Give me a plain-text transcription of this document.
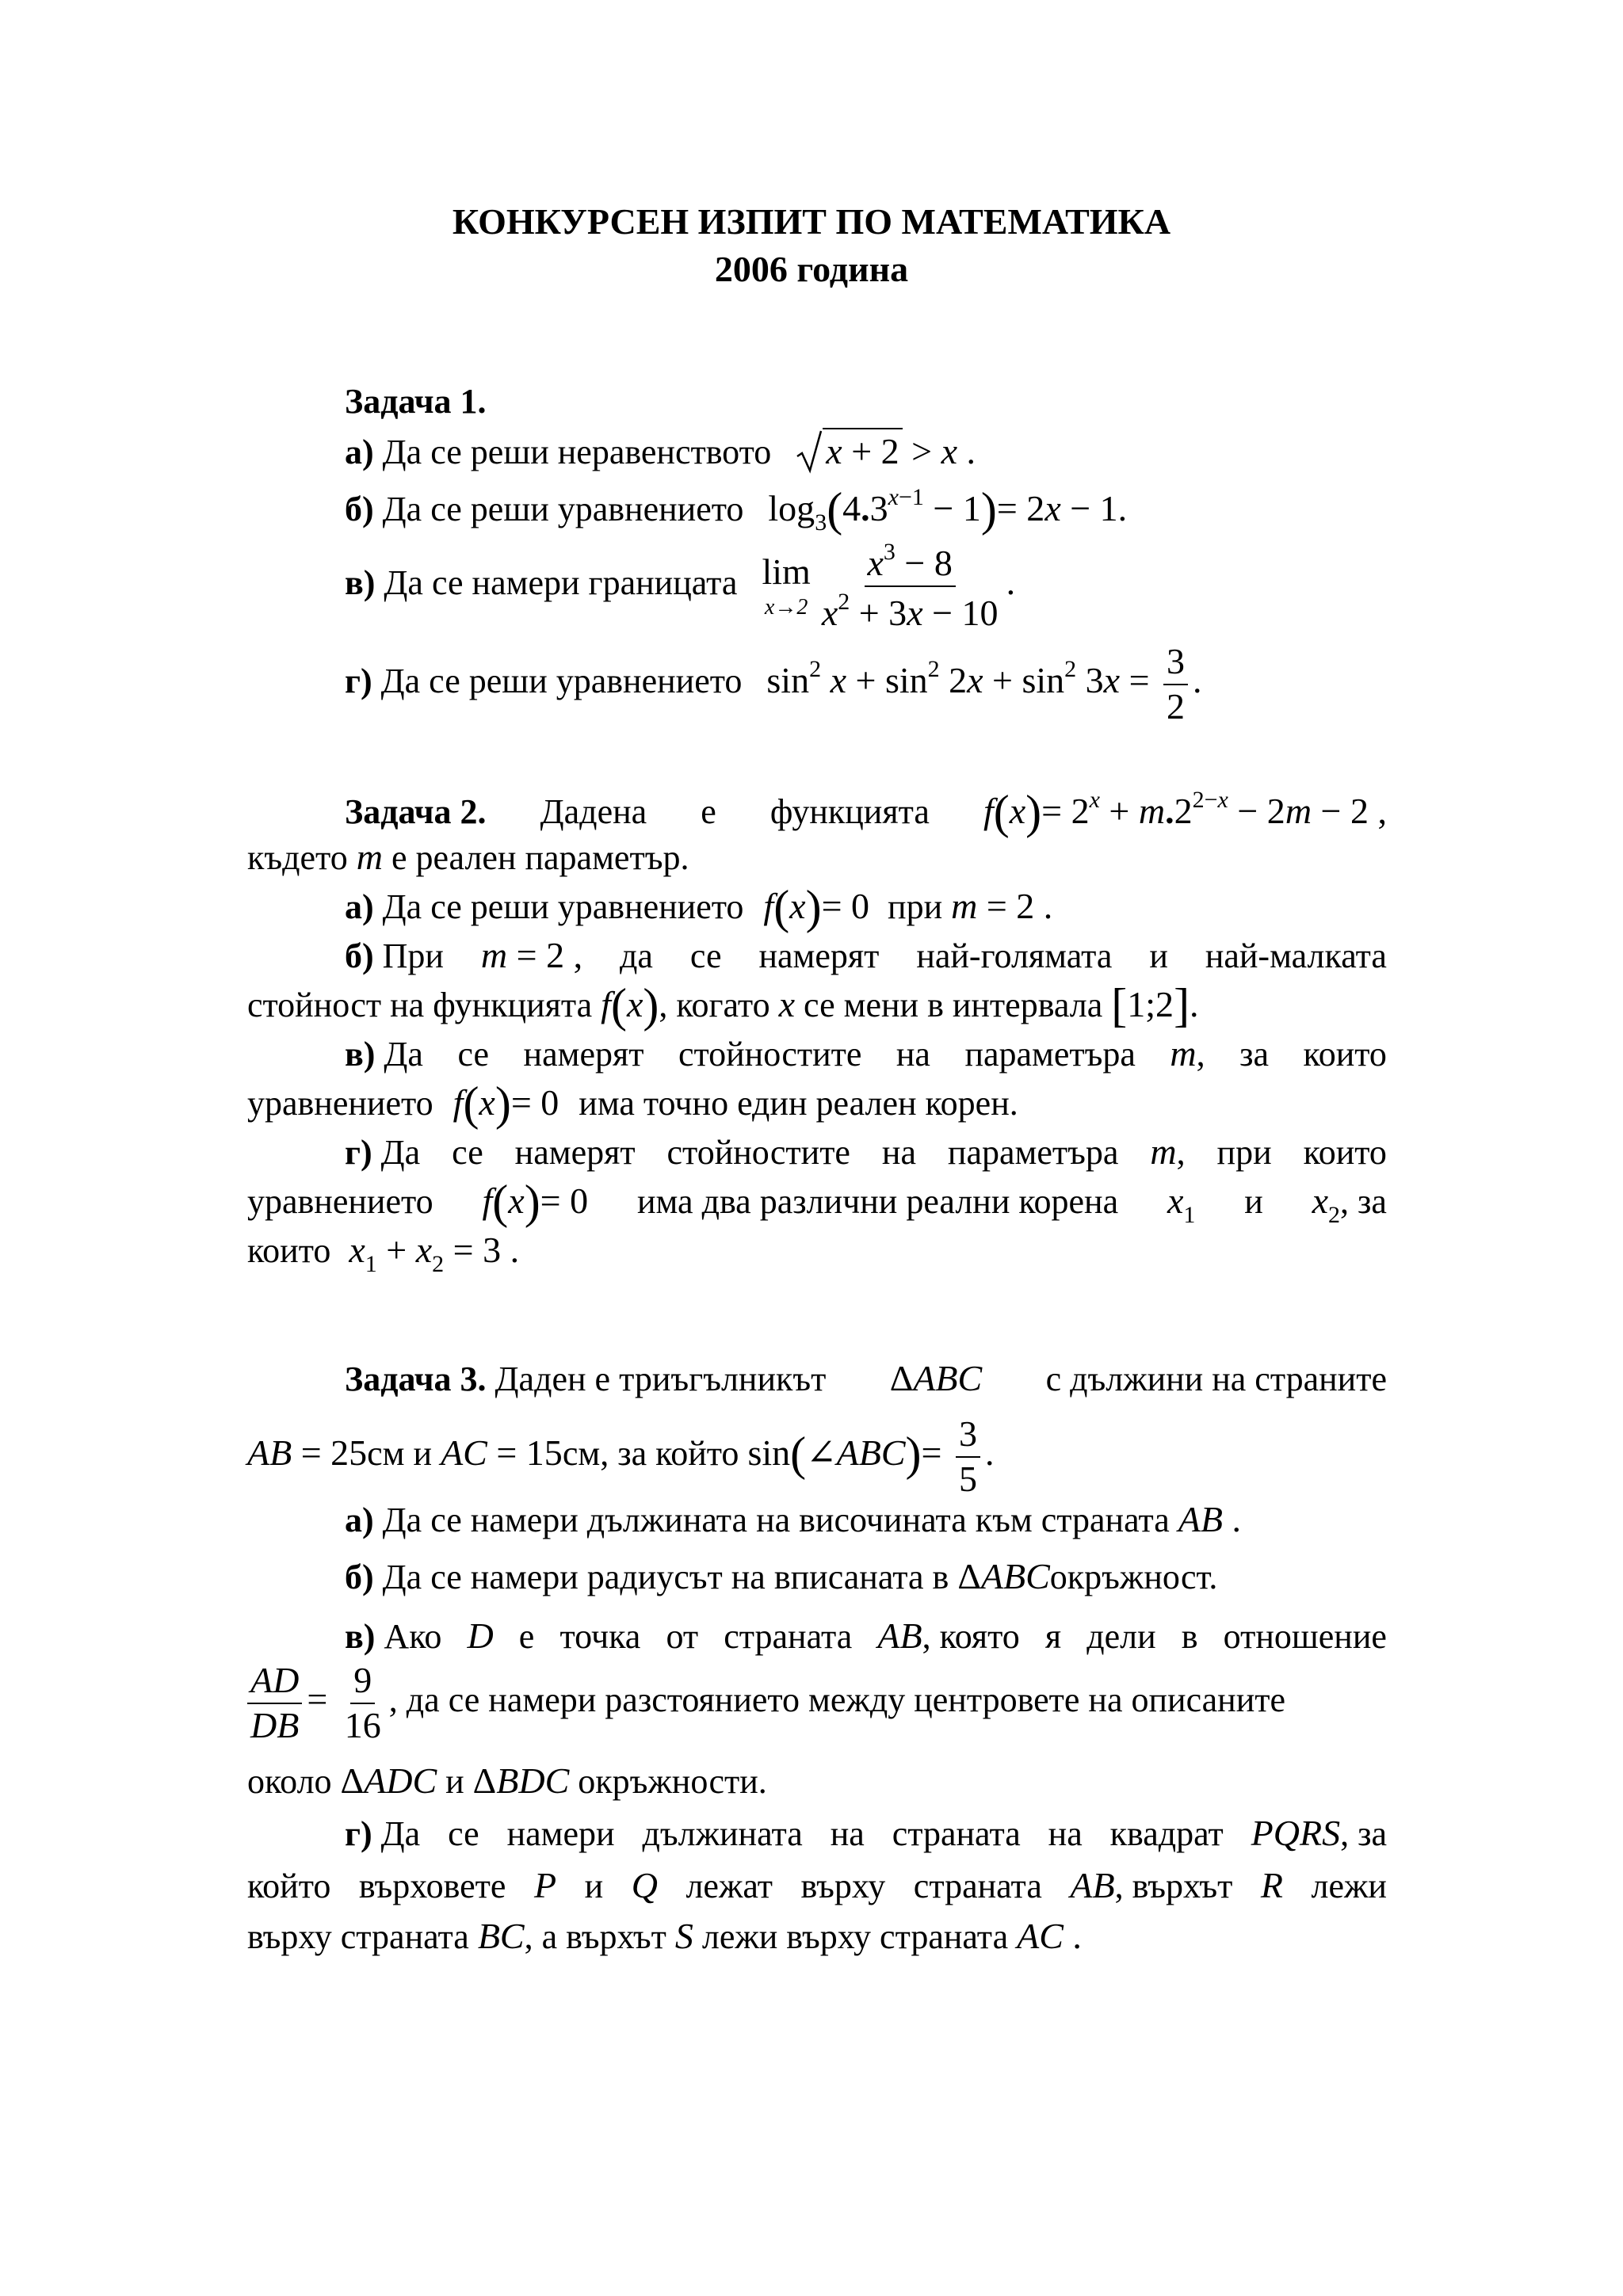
КОНКУРСЕН ИЗПИТ ПО МАТЕМАТИКА
2006 година
Задача 1.
а) Да се реши неравенството x + 2 > x .
б) Да се реши уравнението $\log_3(4.3^{x-1} - 1)= 2x - 1$.
в) Да се намери границата lim
$x\to 2 \frac{x^3 - 8}{x^2 + 3x - 10}$ .
г) Да се реши уравнението $\sin^2 x + \sin^2 2x + \sin^2 3x = \frac{3}{2}$ .
Задача 2. Дадена е функцията $f(x)= 2^x + m.2^{2-x} - 2m - 2$ ,
където m е реален параметър.
а) Да се реши уравнението f(x)= 0 при m = 2 .
б) При m = 2 , да се намерят най-голямата и най-малката
стойност на функцията f(x), когато x се мени в интервала [1;2].
в) Да се намерят стойностите на параметъра m, за които
уравнението f(x)= 0 има точно един реален корен.
г) Да се намерят стойностите на параметъра m, при които
уравнението f(x)= 0 има два различни реални корена $x_1$ и $x_2$, за
които $x_1 + x_2 = 3$ .
Задача 3. Даден е триъгълникът ΔABC с дължини на страните
AB = 25см и AC = 15см, за който sin(∠ABC)= $\frac{3}{5}$ .
а) Да се намери дължината на височината към страната AB .
б) Да се намери радиусът на вписаната в ΔABCокръжност.
в) Ако D е точка от страната AB, която я дели в отношение
$\frac{AD}{DB} = \frac{9}{16}$ , да се намери разстоянието между центровете на описаните
около ΔADC и ΔBDC окръжности.
г) Да се намери дължината на страната на квадрат PQRS, за
който върховете P и Q лежат върху страната AB, върхът R лежи
върху страната BC, а върхът S лежи върху страната AC .
